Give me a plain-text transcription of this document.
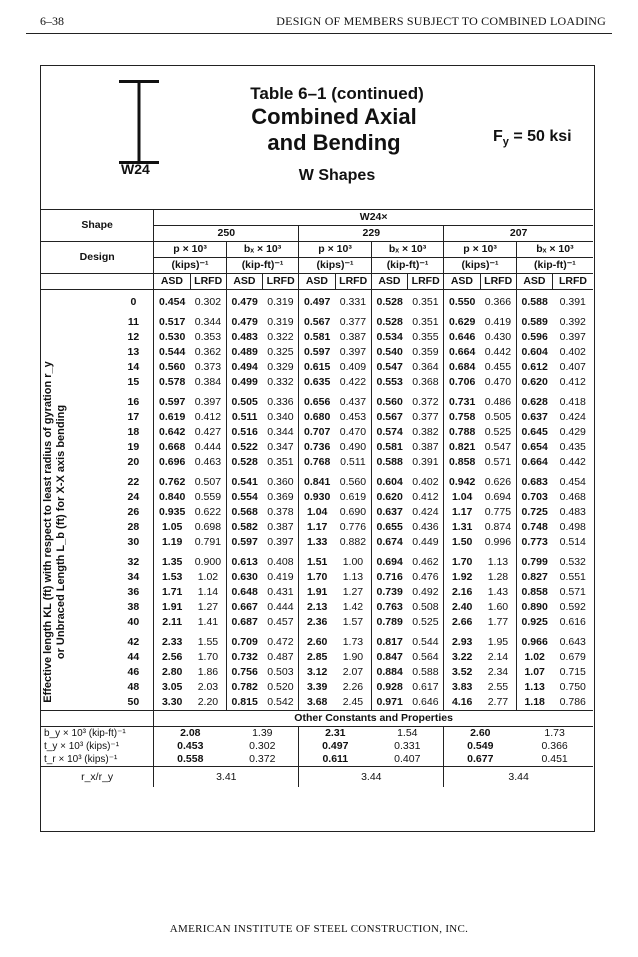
6–38	DESIGN OF MEMBERS SUBJECT TO COMBINED LOADING
W24
Table 6–1 (continued)
Combined Axial
and Bending
W Shapes
$F_y = 50$ ksi
Effective length KL (ft) with respect to least radius of gyration r_y
or Unbraced Length L_b (ft) for X-X axis bending
Shape		W24×											
		250				229				207			
Design		p × 10³		bₓ × 10³		p × 10³		bₓ × 10³		p × 10³		bₓ × 10³	
		(kips)⁻¹		(kip-ft)⁻¹		(kips)⁻¹		(kip-ft)⁻¹		(kips)⁻¹		(kip-ft)⁻¹	
		ASD	LRFD	ASD	LRFD	ASD	LRFD	ASD	LRFD	ASD	LRFD	ASD	LRFD
	0	0.454	0.302	0.479	0.319	0.497	0.331	0.528	0.351	0.550	0.366	0.588	0.391
	11	0.517	0.344	0.479	0.319	0.567	0.377	0.528	0.351	0.629	0.419	0.589	0.392
	12	0.530	0.353	0.483	0.322	0.581	0.387	0.534	0.355	0.646	0.430	0.596	0.397
	13	0.544	0.362	0.489	0.325	0.597	0.397	0.540	0.359	0.664	0.442	0.604	0.402
	14	0.560	0.373	0.494	0.329	0.615	0.409	0.547	0.364	0.684	0.455	0.612	0.407
	15	0.578	0.384	0.499	0.332	0.635	0.422	0.553	0.368	0.706	0.470	0.620	0.412
	16	0.597	0.397	0.505	0.336	0.656	0.437	0.560	0.372	0.731	0.486	0.628	0.418
	17	0.619	0.412	0.511	0.340	0.680	0.453	0.567	0.377	0.758	0.505	0.637	0.424
	18	0.642	0.427	0.516	0.344	0.707	0.470	0.574	0.382	0.788	0.525	0.645	0.429
	19	0.668	0.444	0.522	0.347	0.736	0.490	0.581	0.387	0.821	0.547	0.654	0.435
	20	0.696	0.463	0.528	0.351	0.768	0.511	0.588	0.391	0.858	0.571	0.664	0.442
	22	0.762	0.507	0.541	0.360	0.841	0.560	0.604	0.402	0.942	0.626	0.683	0.454
	24	0.840	0.559	0.554	0.369	0.930	0.619	0.620	0.412	1.04	0.694	0.703	0.468
	26	0.935	0.622	0.568	0.378	1.04	0.690	0.637	0.424	1.17	0.775	0.725	0.483
	28	1.05	0.698	0.582	0.387	1.17	0.776	0.655	0.436	1.31	0.874	0.748	0.498
	30	1.19	0.791	0.597	0.397	1.33	0.882	0.674	0.449	1.50	0.996	0.773	0.514
	32	1.35	0.900	0.613	0.408	1.51	1.00	0.694	0.462	1.70	1.13	0.799	0.532
	34	1.53	1.02	0.630	0.419	1.70	1.13	0.716	0.476	1.92	1.28	0.827	0.551
	36	1.71	1.14	0.648	0.431	1.91	1.27	0.739	0.492	2.16	1.43	0.858	0.571
	38	1.91	1.27	0.667	0.444	2.13	1.42	0.763	0.508	2.40	1.60	0.890	0.592
	40	2.11	1.41	0.687	0.457	2.36	1.57	0.789	0.525	2.66	1.77	0.925	0.616
	42	2.33	1.55	0.709	0.472	2.60	1.73	0.817	0.544	2.93	1.95	0.966	0.643
	44	2.56	1.70	0.732	0.487	2.85	1.90	0.847	0.564	3.22	2.14	1.02	0.679
	46	2.80	1.86	0.756	0.503	3.12	2.07	0.884	0.588	3.52	2.34	1.07	0.715
	48	3.05	2.03	0.782	0.520	3.39	2.26	0.928	0.617	3.83	2.55	1.13	0.750
	50	3.30	2.20	0.815	0.542	3.68	2.45	0.971	0.646	4.16	2.77	1.18	0.786
		Other Constants and Properties											
b_y × 10³ (kip-ft)⁻¹		2.08		1.39		2.31		1.54		2.60		1.73	
t_y × 10³ (kips)⁻¹		0.453		0.302		0.497		0.331		0.549		0.366	
t_r × 10³ (kips)⁻¹		0.558		0.372		0.611		0.407		0.677		0.451	
r_x/r_y		3.41				3.44				3.44			
AMERICAN INSTITUTE OF STEEL CONSTRUCTION, INC.
